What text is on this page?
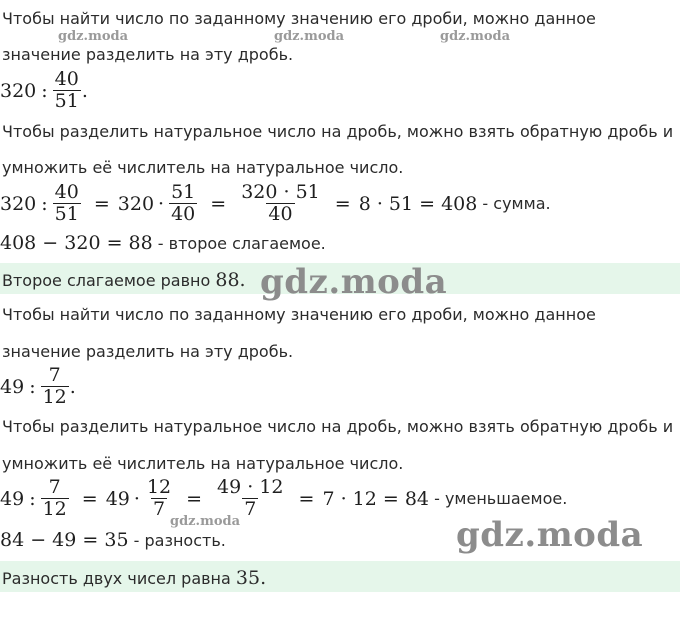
gdz.moda	gdz.moda	gdz.moda
Чтобы найти число по заданному значению его дроби, можно данное
значение разделить на эту дробь.
320 : $\frac{40}{51}$ .
Чтобы разделить натуральное число на дробь, можно взять обратную дробь и
умножить её числитель на натуральное число.
320 : $\frac{40}{51} = 320 \cdot \frac{51}{40} = \frac{320 \cdot 51}{40} = 8 \cdot 51 = 408$ - сумма.
408 − 320 = 88 - второе слагаемое.
Второе слагаемое равно 88. gdz.moda
Чтобы найти число по заданному значению его дроби, можно данное
значение разделить на эту дробь.
49 : $\frac{7}{12}$ .
Чтобы разделить натуральное число на дробь, можно взять обратную дробь и
умножить её числитель на натуральное число.
49 : $\frac{7}{12} = 49 \cdot \frac{12}{7} = \frac{49 \cdot 12}{7} = 7 \cdot 12 = 84$ - уменьшаемое.
gdz.moda
84 − 49 = 35 - разность.	gdz.moda
Разность двух чисел равна 35.
